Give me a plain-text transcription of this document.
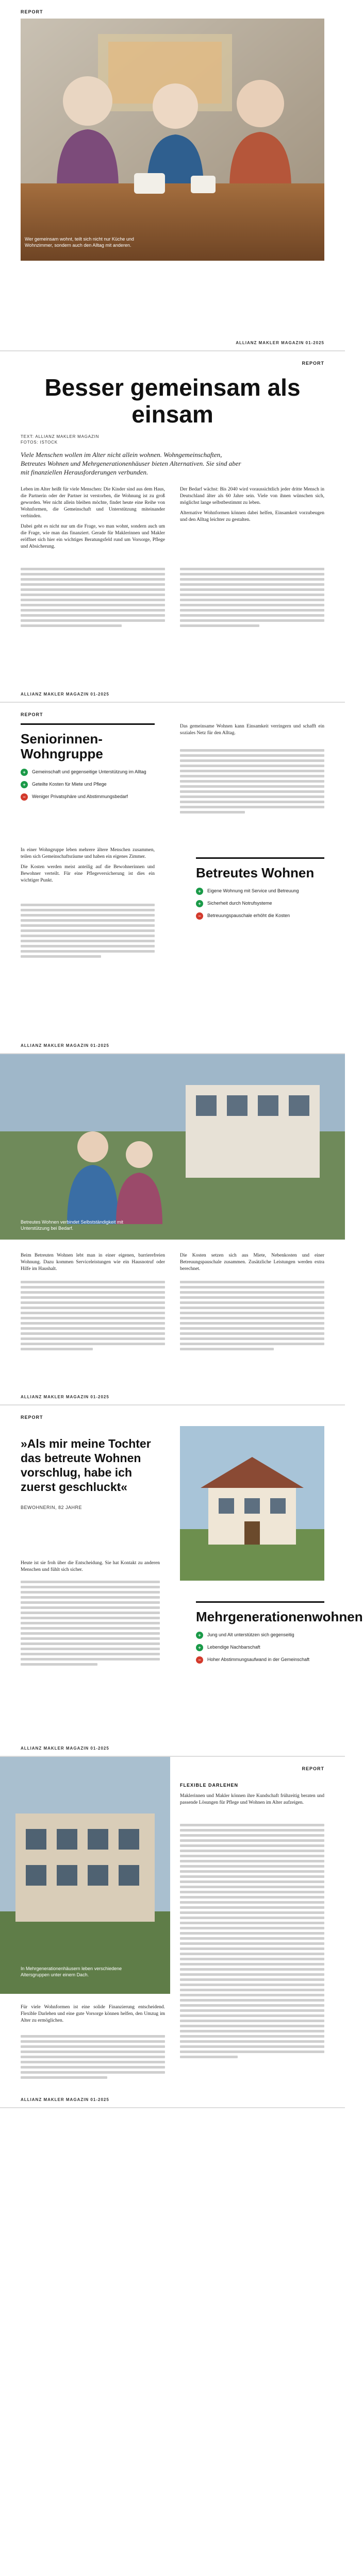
REPORT
Wer gemeinsam wohnt, teilt sich nicht nur Küche und Wohnzimmer, sondern auch den Alltag mit anderen.
ALLIANZ MAKLER MAGAZIN 01-2025
REPORT
Besser gemeinsam als einsam
TEXT: ALLIANZ MAKLER MAGAZIN
FOTOS: ISTOCK

Viele Menschen wollen im Alter nicht allein wohnen. Wohngemeinschaften, Betreutes Wohnen und Mehrgenerationenhäuser bieten Alternativen. Sie sind aber mit finanziellen Herausforderungen verbunden.

Leben im Alter heißt für viele Menschen: Die Kinder sind aus dem Haus, die Partnerin oder der Partner ist verstorben, die Wohnung ist zu groß geworden. Wer nicht allein bleiben möchte, findet heute eine Reihe von Wohnformen, die Gemeinschaft und Unterstützung miteinander verbinden.

Dabei geht es nicht nur um die Frage, wo man wohnt, sondern auch um die Frage, wie man das finanziert. Gerade für Maklerinnen und Makler eröffnet sich hier ein wichtiges Beratungsfeld rund um Vorsorge, Pflege und Absicherung.

Der Bedarf wächst: Bis 2040 wird voraussichtlich jeder dritte Mensch in Deutschland älter als 60 Jahre sein. Viele von ihnen wünschen sich, möglichst lange selbstbestimmt zu leben.

Alternative Wohnformen können dabei helfen, Einsamkeit vorzubeugen und den Alltag leichter zu gestalten.

ALLIANZ MAKLER MAGAZIN 01-2025
REPORT
Seniorinnen-Wohngruppe
+	Gemeinschaft und gegenseitige Unterstützung im Alltag
+	Geteilte Kosten für Miete und Pflege
−	Weniger Privatsphäre und Abstimmungsbedarf

In einer Wohngruppe leben mehrere ältere Menschen zusammen, teilen sich Gemeinschaftsräume und haben ein eigenes Zimmer.

Die Kosten werden meist anteilig auf die Bewohnerinnen und Bewohner verteilt. Für eine Pflegeversicherung ist dies ein wichtiger Punkt.

Das gemeinsame Wohnen kann Einsamkeit verringern und schafft ein soziales Netz für den Alltag.

Betreutes Wohnen
+	Eigene Wohnung mit Service und Betreuung
+	Sicherheit durch Notrufsysteme
−	Betreuungspauschale erhöht die Kosten
ALLIANZ MAKLER MAGAZIN 01-2025
Betreutes Wohnen verbindet Selbstständigkeit mit Unterstützung bei Bedarf.

Beim Betreuten Wohnen lebt man in einer eigenen, barrierefreien Wohnung. Dazu kommen Serviceleistungen wie ein Hausnotruf oder Hilfe im Haushalt.

Die Kosten setzen sich aus Miete, Nebenkosten und einer Betreuungspauschale zusammen. Zusätzliche Leistungen werden extra berechnet.

ALLIANZ MAKLER MAGAZIN 01-2025
REPORT
»Als mir meine Tochter das betreute Wohnen vorschlug, habe ich zuerst geschluckt«
BEWOHNERIN, 82 JAHRE

Heute ist sie froh über die Entscheidung. Sie hat Kontakt zu anderen Menschen und fühlt sich sicher.

Mehrgenerationenwohnen
+	Jung und Alt unterstützen sich gegenseitig
+	Lebendige Nachbarschaft
−	Hoher Abstimmungsaufwand in der Gemeinschaft
ALLIANZ MAKLER MAGAZIN 01-2025
REPORT
In Mehrgenerationenhäusern leben verschiedene Altersgruppen unter einem Dach.

Für viele Wohnformen ist eine solide Finanzierung entscheidend. Flexible Darlehen und eine gute Vorsorge können helfen, den Umzug im Alter zu ermöglichen.

FLEXIBLE DARLEHEN

Maklerinnen und Makler können ihre Kundschaft frühzeitig beraten und passende Lösungen für Pflege und Wohnen im Alter aufzeigen.

ALLIANZ MAKLER MAGAZIN 01-2025
